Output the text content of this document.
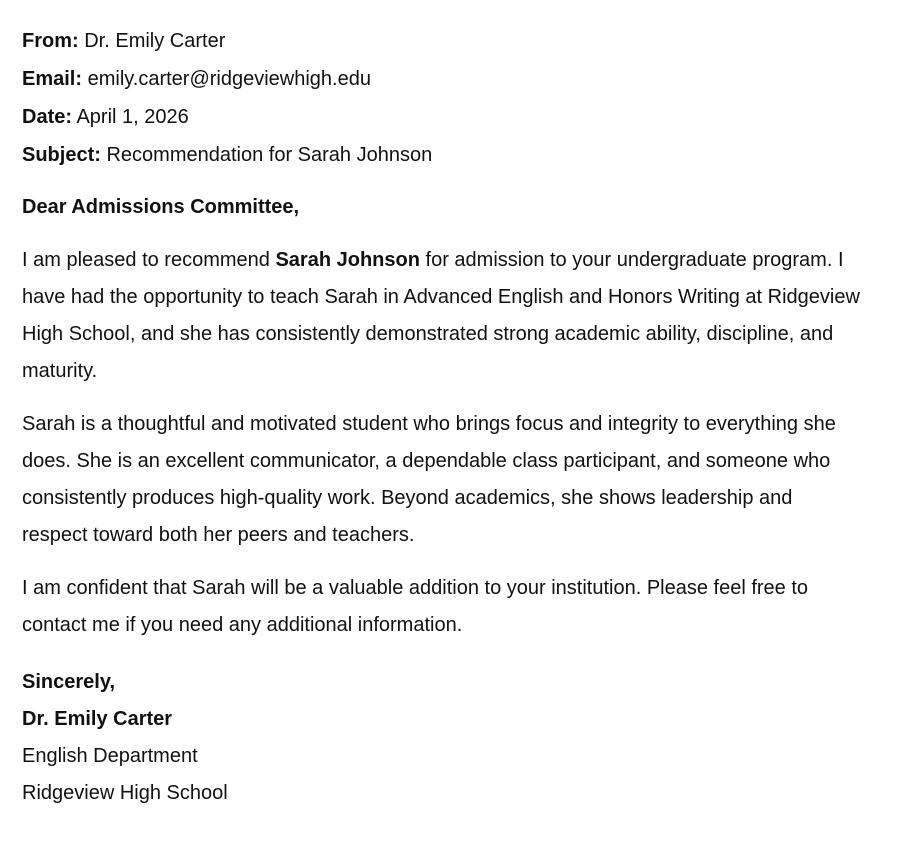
From: Dr. Emily Carter
Email: emily.carter@ridgeviewhigh.edu
Date: April 1, 2026
Subject: Recommendation for Sarah Johnson
Dear Admissions Committee,

I am pleased to recommend Sarah Johnson for admission to your undergraduate program. I have had the opportunity to teach Sarah in Advanced English and Honors Writing at Ridgeview High School, and she has consistently demonstrated strong academic ability, discipline, and maturity.

Sarah is a thoughtful and motivated student who brings focus and integrity to everything she does. She is an excellent communicator, a dependable class participant, and someone who consistently produces high-quality work. Beyond academics, she shows leadership and respect toward both her peers and teachers.

I am confident that Sarah will be a valuable addition to your institution. Please feel free to contact me if you need any additional information.

Sincerely,
Dr. Emily Carter
English Department
Ridgeview High School
